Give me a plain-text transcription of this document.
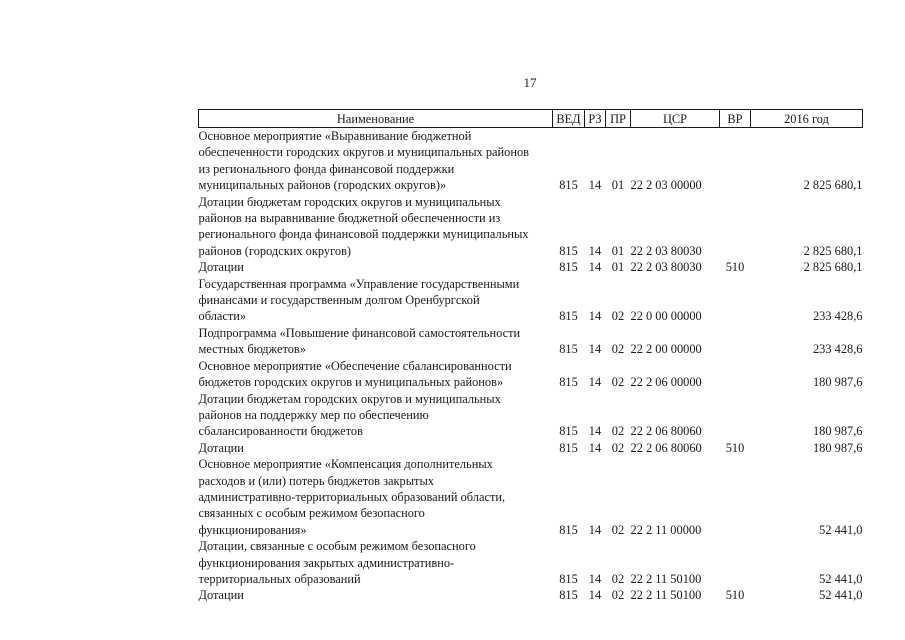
17
Наименование	ВЕД	РЗ	ПР	ЦСР	ВР	2016 год
Основное мероприятие «Выравнивание бюджетной
обеспеченности городских округов и муниципальных районов
из регионального фонда финансовой поддержки
муниципальных районов (городских округов)»	815	14	01	22 2 03 00000		2 825 680,1
Дотации бюджетам городских округов и муниципальных
районов на выравнивание бюджетной обеспеченности из
регионального фонда финансовой поддержки муниципальных
районов (городских округов)	815	14	01	22 2 03 80030		2 825 680,1
Дотации	815	14	01	22 2 03 80030	510	2 825 680,1
Государственная программа «Управление государственными
финансами и государственным долгом Оренбургской
области»	815	14	02	22 0 00 00000		233 428,6
Подпрограмма «Повышение финансовой самостоятельности
местных бюджетов»	815	14	02	22 2 00 00000		233 428,6
Основное мероприятие «Обеспечение сбалансированности
бюджетов городских округов и муниципальных районов»	815	14	02	22 2 06 00000		180 987,6
Дотации бюджетам городских округов и муниципальных
районов на поддержку мер по обеспечению
сбалансированности бюджетов	815	14	02	22 2 06 80060		180 987,6
Дотации	815	14	02	22 2 06 80060	510	180 987,6
Основное мероприятие «Компенсация дополнительных
расходов и (или) потерь бюджетов закрытых
административно-территориальных образований области,
связанных с особым режимом безопасного
функционирования»	815	14	02	22 2 11 00000		52 441,0
Дотации, связанные с особым режимом безопасного
функционирования закрытых административно-
территориальных образований	815	14	02	22 2 11 50100		52 441,0
Дотации	815	14	02	22 2 11 50100	510	52 441,0
